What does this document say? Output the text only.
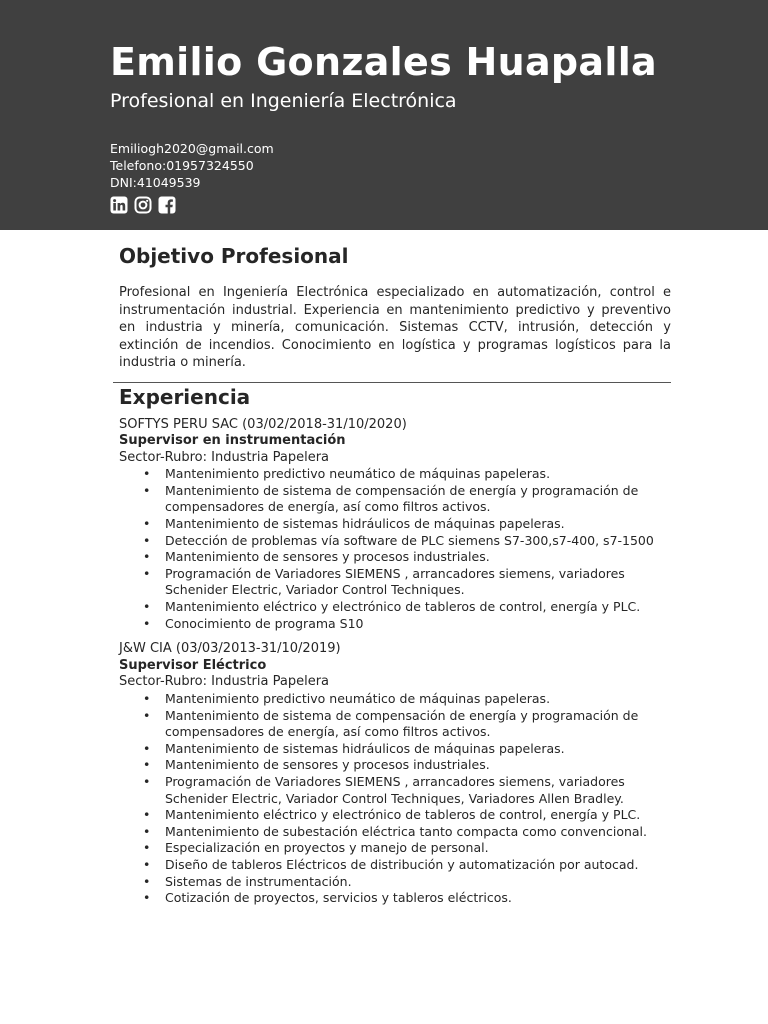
Emilio Gonzales Huapalla
Profesional en Ingeniería Electrónica
Emiliogh2020@gmail.com
Telefono:01957324550
DNI:41049539
Objetivo Profesional
Profesional en Ingeniería Electrónica especializado en automatización, control e instrumentación industrial. Experiencia en mantenimiento predictivo y preventivo en industria y minería, comunicación. Sistemas CCTV, intrusión, detección y extinción de incendios. Conocimiento en logística y programas logísticos para la industria o minería.
Experiencia
SOFTYS PERU SAC (03/02/2018-31/10/2020)
Supervisor en instrumentación
Sector-Rubro: Industria Papelera
• Mantenimiento predictivo neumático de máquinas papeleras.
• Mantenimiento de sistema de compensación de energía y programación de compensadores de energía, así como filtros activos.
• Mantenimiento de sistemas hidráulicos de máquinas papeleras.
• Detección de problemas vía software de PLC siemens S7-300,s7-400, s7-1500
• Mantenimiento de sensores y procesos industriales.
• Programación de Variadores SIEMENS , arrancadores siemens, variadores Schenider Electric, Variador Control Techniques.
• Mantenimiento eléctrico y electrónico de tableros de control, energía y PLC.
• Conocimiento de programa S10
J&W CIA (03/03/2013-31/10/2019)
Supervisor Eléctrico
Sector-Rubro: Industria Papelera
• Mantenimiento predictivo neumático de máquinas papeleras.
• Mantenimiento de sistema de compensación de energía y programación de compensadores de energía, así como filtros activos.
• Mantenimiento de sistemas hidráulicos de máquinas papeleras.
• Mantenimiento de sensores y procesos industriales.
• Programación de Variadores SIEMENS , arrancadores siemens, variadores Schenider Electric, Variador Control Techniques, Variadores Allen Bradley.
• Mantenimiento eléctrico y electrónico de tableros de control, energía y PLC.
• Mantenimiento de subestación eléctrica tanto compacta como convencional.
• Especialización en proyectos y manejo de personal.
• Diseño de tableros Eléctricos de distribución y automatización por autocad.
• Sistemas de instrumentación.
• Cotización de proyectos, servicios y tableros eléctricos.
